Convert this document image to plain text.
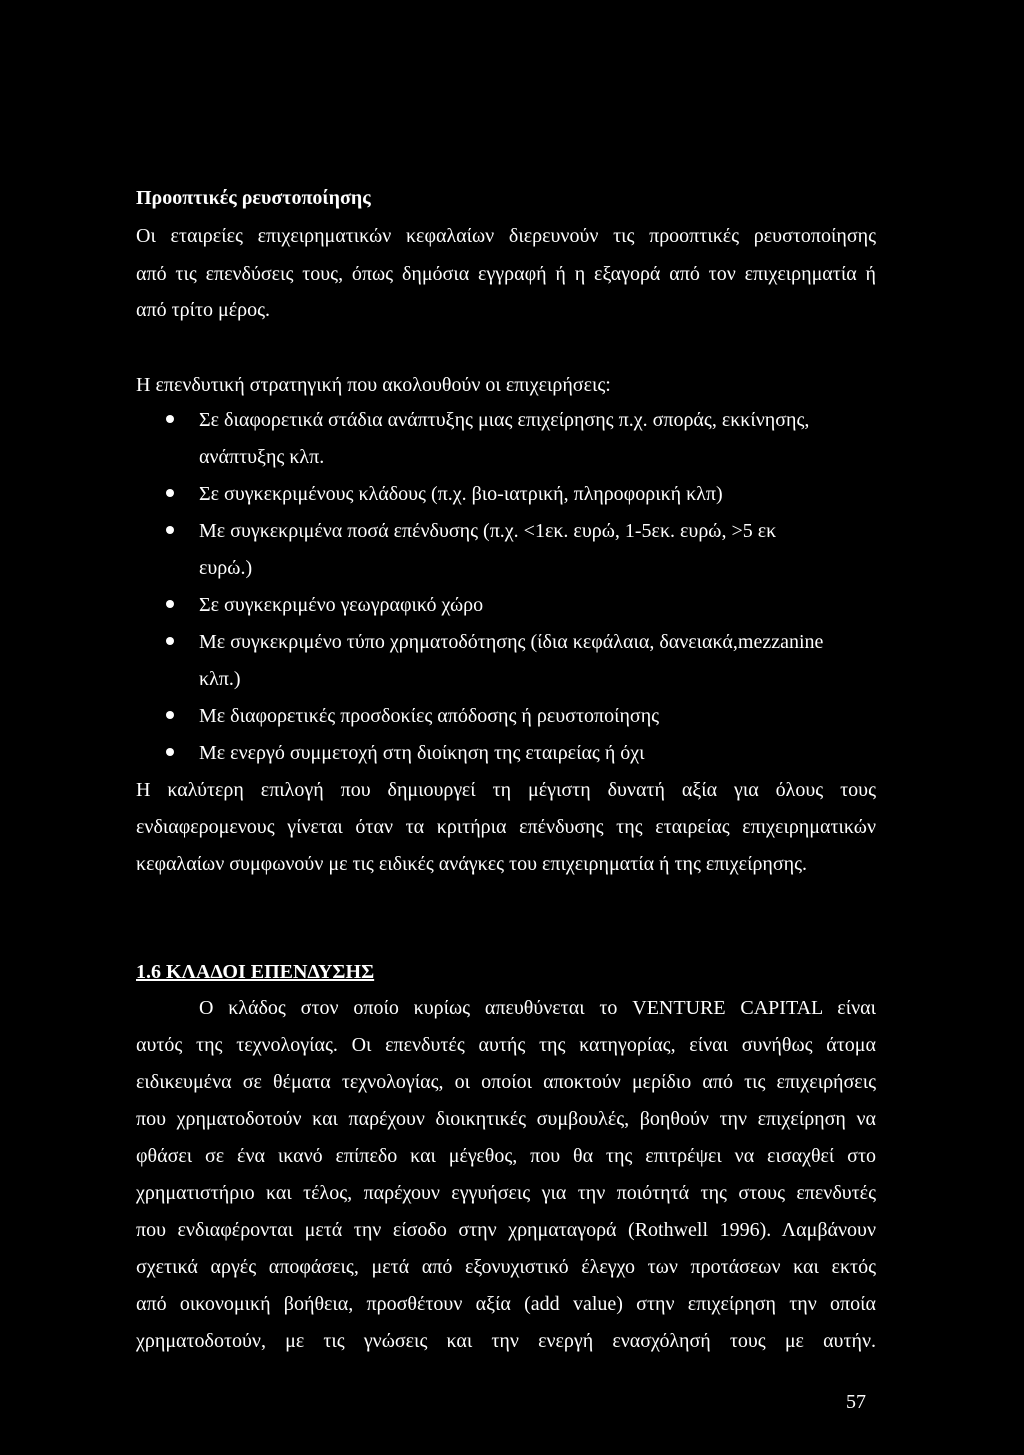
Προοπτικές ρευστοποίησης
Οι εταιρείες επιχειρηματικών κεφαλαίων διερευνούν τις προοπτικές ρευστοποίησης
από τις επενδύσεις τους, όπως δημόσια εγγραφή ή η εξαγορά από τον επιχειρηματία ή
από τρίτο μέρος.
Η επενδυτική στρατηγική που ακολουθούν οι επιχειρήσεις:
Σε διαφορετικά στάδια ανάπτυξης μιας επιχείρησης π.χ. σποράς, εκκίνησης,
ανάπτυξης κλπ.
Σε συγκεκριμένους κλάδους (π.χ. βιο-ιατρική, πληροφορική κλπ)
Με συγκεκριμένα ποσά επένδυσης (π.χ. <1εκ. ευρώ, 1-5εκ. ευρώ, >5 εκ
ευρώ.)
Σε συγκεκριμένο γεωγραφικό χώρο
Με συγκεκριμένο τύπο χρηματοδότησης (ίδια κεφάλαια, δανειακά,mezzanine
κλπ.)
Με διαφορετικές προσδοκίες απόδοσης ή ρευστοποίησης
Με ενεργό συμμετοχή στη διοίκηση της εταιρείας ή όχι
Η καλύτερη επιλογή που δημιουργεί τη μέγιστη δυνατή αξία για όλους τους
ενδιαφερομενους γίνεται όταν τα κριτήρια επένδυσης της εταιρείας επιχειρηματικών
κεφαλαίων συμφωνούν με τις ειδικές ανάγκες του επιχειρηματία ή της επιχείρησης.
1.6 ΚΛΑΔΟΙ ΕΠΕΝΔΥΣΗΣ
Ο κλάδος στον οποίο κυρίως απευθύνεται το VENTURE CAPITAL είναι
αυτός της τεχνολογίας. Οι επενδυτές αυτής της κατηγορίας, είναι συνήθως άτομα
ειδικευμένα σε θέματα τεχνολογίας, οι οποίοι αποκτούν μερίδιο από τις επιχειρήσεις
που χρηματοδοτούν και παρέχουν διοικητικές συμβουλές, βοηθούν την επιχείρηση να
φθάσει σε ένα ικανό επίπεδο και μέγεθος, που θα της επιτρέψει να εισαχθεί στο
χρηματιστήριο και τέλος, παρέχουν εγγυήσεις για την ποιότητά της στους επενδυτές
που ενδιαφέρονται μετά την είσοδο στην χρηματαγορά (Rothwell 1996). Λαμβάνουν
σχετικά αργές αποφάσεις, μετά από εξονυχιστικό έλεγχο των προτάσεων και εκτός
από οικονομική βοήθεια, προσθέτουν αξία (add value) στην επιχείρηση την οποία
χρηματοδοτούν, με τις γνώσεις και την ενεργή ενασχόλησή τους με αυτήν.
57
